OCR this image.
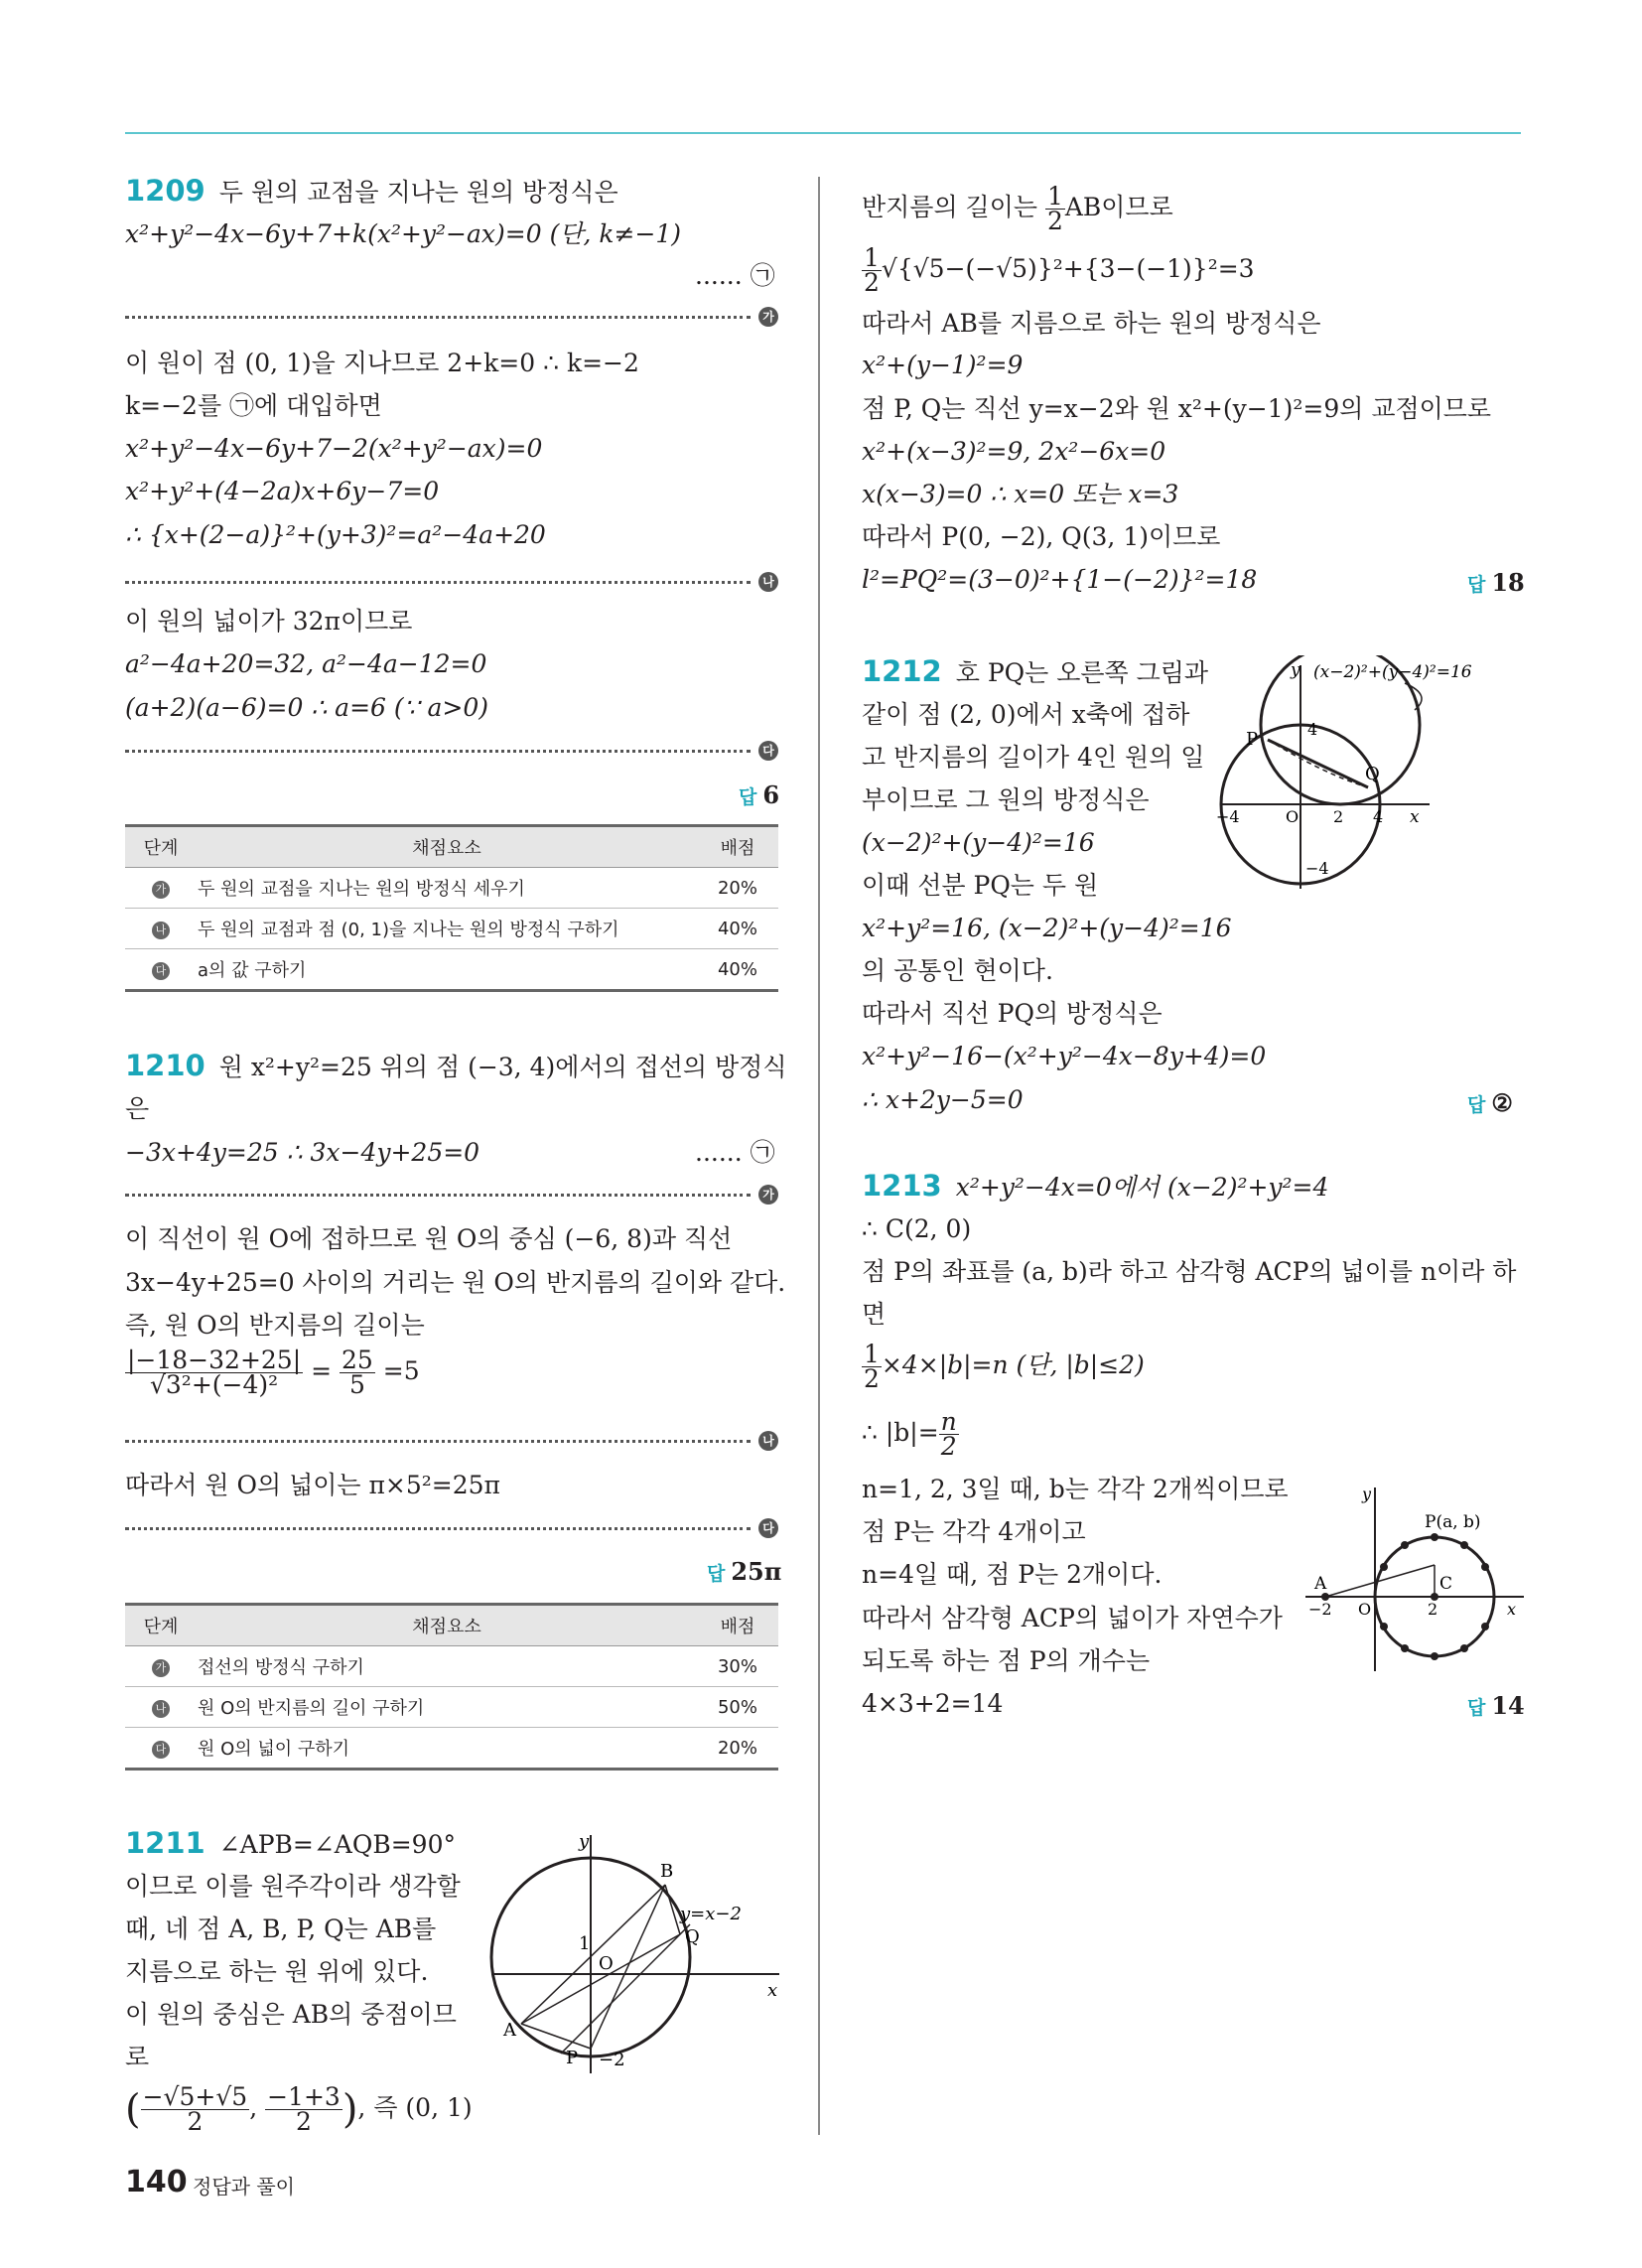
1209 두 원의 교점을 지나는 원의 방정식은
x²+y²−4x−6y+7+k(x²+y²−ax)=0 (단, k≠−1)
...... ㉠
가
이 원이 점 (0, 1)을 지나므로 2+k=0 ∴ k=−2
k=−2를 ㉠에 대입하면
x²+y²−4x−6y+7−2(x²+y²−ax)=0
x²+y²+(4−2a)x+6y−7=0
∴ {x+(2−a)}²+(y+3)²=a²−4a+20
나
이 원의 넓이가 32π이므로
a²−4a+20=32, a²−4a−12=0
(a+2)(a−6)=0 ∴ a=6 (∵ a>0)
다
답 6
단계	채점요소	배점
가	두 원의 교점을 지나는 원의 방정식 세우기	20%
나	두 원의 교점과 점 (0, 1)을 지나는 원의 방정식 구하기	40%
다	a의 값 구하기	40%
1210 원 x²+y²=25 위의 점 (−3, 4)에서의 접선의 방정식
은
−3x+4y=25 ∴ 3x−4y+25=0	...... ㉠
가
이 직선이 원 O에 접하므로 원 O의 중심 (−6, 8)과 직선
3x−4y+25=0 사이의 거리는 원 O의 반지름의 길이와 같다.
즉, 원 O의 반지름의 길이는
$\frac{|-18-32+25|}{\text{√3²+(−4)²}} = \frac{25}{5} =5$
나
따라서 원 O의 넓이는 π×5²=25π
다
답 25π
단계	채점요소	배점
가	접선의 방정식 구하기	30%
나	원 O의 반지름의 길이 구하기	50%
다	원 O의 넓이 구하기	20%
1211 ∠APB=∠AQB=90°
이므로 이를 원주각이라 생각할
때, 네 점 A, B, P, Q는 AB를
지름으로 하는 원 위에 있다.
이 원의 중심은 AB의 중점이므
로
( $\frac{-√5+√5}{2}$ , $\frac{-1+3}{2}$ ), 즉 (0, 1)
y
x
O
1
−2
A
B
P
Q
y=x−2
반지름의 길이는 $\frac{1}{2}$ AB이므로
$\frac{1}{2} √\{√5-(-√5)\}^2+\{3-(-1)\}^2=3$
따라서 AB를 지름으로 하는 원의 방정식은
x²+(y−1)²=9
점 P, Q는 직선 y=x−2와 원 x²+(y−1)²=9의 교점이므로
x²+(x−3)²=9, 2x²−6x=0
x(x−3)=0 ∴ x=0 또는 x=3
따라서 P(0, −2), Q(3, 1)이므로
l²=PQ²=(3−0)²+{1−(−2)}²=18	답 18
1212 호 PQ는 오른쪽 그림과
같이 점 (2, 0)에서 x축에 접하
고 반지름의 길이가 4인 원의 일
부이므로 그 원의 방정식은
(x−2)²+(y−4)²=16
이때 선분 PQ는 두 원
x²+y²=16, (x−2)²+(y−4)²=16
의 공통인 현이다.
따라서 직선 PQ의 방정식은
x²+y²−16−(x²+y²−4x−8y+4)=0
∴ x+2y−5=0	답 ②
y (x−2)²+(y−4)²=16
P
Q
4
−4	O 2 4 x
−4
1213 x²+y²−4x=0에서 (x−2)²+y²=4
∴ C(2, 0)
점 P의 좌표를 (a, b)라 하고 삼각형 ACP의 넓이를 n이라 하
면
$\frac{1}{2} \times 4\times|b|=n$ (단, |b|≤2)
∴ $|b|= \frac{n}{2}$
n=1, 2, 3일 때, b는 각각 2개씩이므로
점 P는 각각 4개이고
n=4일 때, 점 P는 2개이다.
따라서 삼각형 ACP의 넓이가 자연수가
되도록 하는 점 P의 개수는
4×3+2=14	답 14
y
P(a, b)
A	C
−2 O	2	x
140 정답과 풀이
